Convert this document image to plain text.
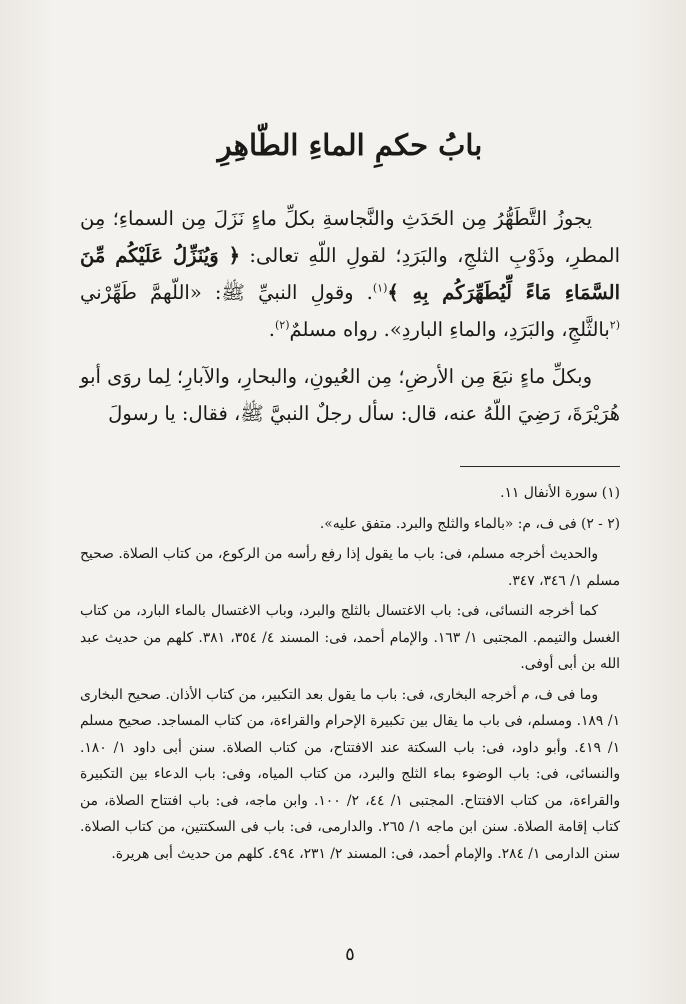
بابُ حكمِ الماءِ الطّاهِرِ

يجوزُ التَّطَهُّرُ مِن الحَدَثِ والنَّجاسةِ بكلِّ ماءٍ نَزَلَ مِن السماءِ؛ مِن المطرِ، وذَوْبِ الثلجِ، والبَرَدِ؛ لقولِ اللّهِ تعالى: ﴿ وَيُنَزِّلُ عَلَيْكُم مِّنَ السَّمَاءِ مَاءً لِّيُطَهِّرَكُم بِهِ ﴾$^{(١)}$. وقولِ النبيِّ ﷺ: «اللّهمَّ طَهِّرْني $^{(٢}$بالثَّلجِ، والبَرَدِ، والماءِ الباردِ». رواه مسلمٌ$^{(٢)}$.

وبكلِّ ماءٍ نبَعَ مِن الأرضِ؛ مِن العُيونِ، والبحارِ، والآبارِ؛ لِما روَى أبو هُرَيْرَةَ، رَضِيَ اللّهُ عنه، قال: سأل رجلٌ النبيَّ ﷺ، فقال: يا رسولَ

(١) سورة الأنفال ١١.

(٢ - ٢) فى ف، م: «بالماء والثلج والبرد. متفق عليه».

والحديث أخرجه مسلم، فى: باب ما يقول إذا رفع رأسه من الركوع، من كتاب الصلاة. صحيح مسلم ١/ ٣٤٦، ٣٤٧.

كما أخرجه النسائى، فى: باب الاغتسال بالثلج والبرد، وباب الاغتسال بالماء البارد، من كتاب الغسل والتيمم. المجتبى ١/ ١٦٣. والإمام أحمد، فى: المسند ٤/ ٣٥٤، ٣٨١. كلهم من حديث عبد الله بن أبى أوفى.

وما فى ف، م أخرجه البخارى، فى: باب ما يقول بعد التكبير، من كتاب الأذان. صحيح البخارى ١/ ١٨٩. ومسلم، فى باب ما يقال بين تكبيرة الإحرام والقراءة، من كتاب المساجد. صحيح مسلم ١/ ٤١٩. وأبو داود، فى: باب السكتة عند الافتتاح، من كتاب الصلاة. سنن أبى داود ١/ ١٨٠. والنسائى، فى: باب الوضوء بماء الثلج والبرد، من كتاب المياه، وفى: باب الدعاء بين التكبيرة والقراءة، من كتاب الافتتاح. المجتبى ١/ ٤٤، ٢/ ١٠٠. وابن ماجه، فى: باب افتتاح الصلاة، من كتاب إقامة الصلاة. سنن ابن ماجه ١/ ٢٦٥. والدارمى، فى: باب فى السكتتين، من كتاب الصلاة. سنن الدارمى ١/ ٢٨٤. والإمام أحمد، فى: المسند ٢/ ٢٣١، ٤٩٤. كلهم من حديث أبى هريرة.

٥
